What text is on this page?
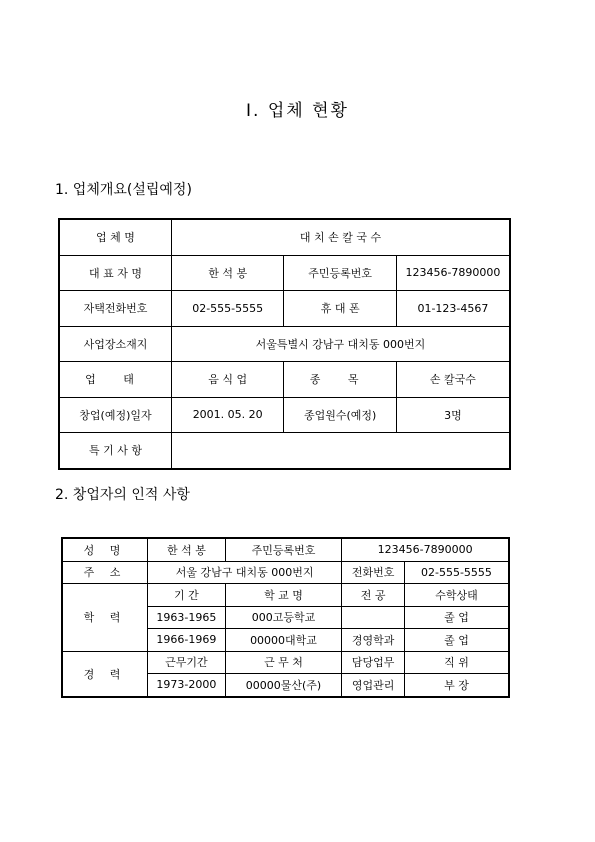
Ⅰ. 업체 현황
1. 업체개요(설립예정)
업 체 명	대 치 손 칼 국 수		
대 표 자 명	한 석 봉	주민등록번호	123456-7890000
자택전화번호	02-555-5555	휴 대 폰	01-123-4567
사업장소재지	서울특별시 강남구 대치동 000번지		
업 태	음 식 업	종 목	손 칼국수
창업(예정)일자	2001. 05. 20	종업원수(예정)	3명
특 기 사 항			
2. 창업자의 인적 사항
성 명	한 석 봉	주민등록번호	123456-7890000	
주 소	서울 강남구 대치동 000번지		전화번호	02-555-5555
학 력	기 간	학 교 명	전 공	수학상태
	1963-1965	000고등학교		졸 업
	1966-1969	00000대학교	경영학과	졸 업
경 력	근무기간	근 무 처	담당업무	직 위
	1973-2000	00000물산(주)	영업관리	부 장
